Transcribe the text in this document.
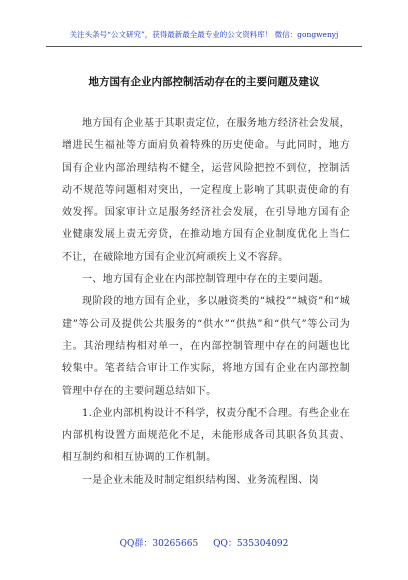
关注头条号“公文研究”，获得最新最全最专业的公文资料库！ 微信：gongwenyj
地方国有企业内部控制活动存在的主要问题及建议

地方国有企业基于其职责定位，在服务地方经济社会发展，增进民生福祉等方面肩负着特殊的历史使命。与此同时，地方国有企业内部治理结构不健全，运营风险把控不到位，控制活动不规范等问题相对突出，一定程度上影响了其职责使命的有效发挥。国家审计立足服务经济社会发展，在引导地方国有企业健康发展上责无旁贷，在推动地方国有企业制度优化上当仁不让，在破除地方国有企业沉疴顽疾上义不容辞。

一、地方国有企业在内部控制管理中存在的主要问题。

现阶段的地方国有企业，多以融资类的“城投”“城资”和“城建”等公司及提供公共服务的“供水”“供热”和“供气”等公司为主。其治理结构相对单一，在内部控制管理中存在的问题也比较集中。笔者结合审计工作实际，将地方国有企业在内部控制管理中存在的主要问题总结如下。

1.企业内部机构设计不科学，权责分配不合理。有些企业在内部机构设置方面规范化不足，未能形成各司其职各负其责、相互制约和相互协调的工作机制。

一是企业未能及时制定组织结构图、业务流程图、岗

QQ群：30265665 QQ：535304092
